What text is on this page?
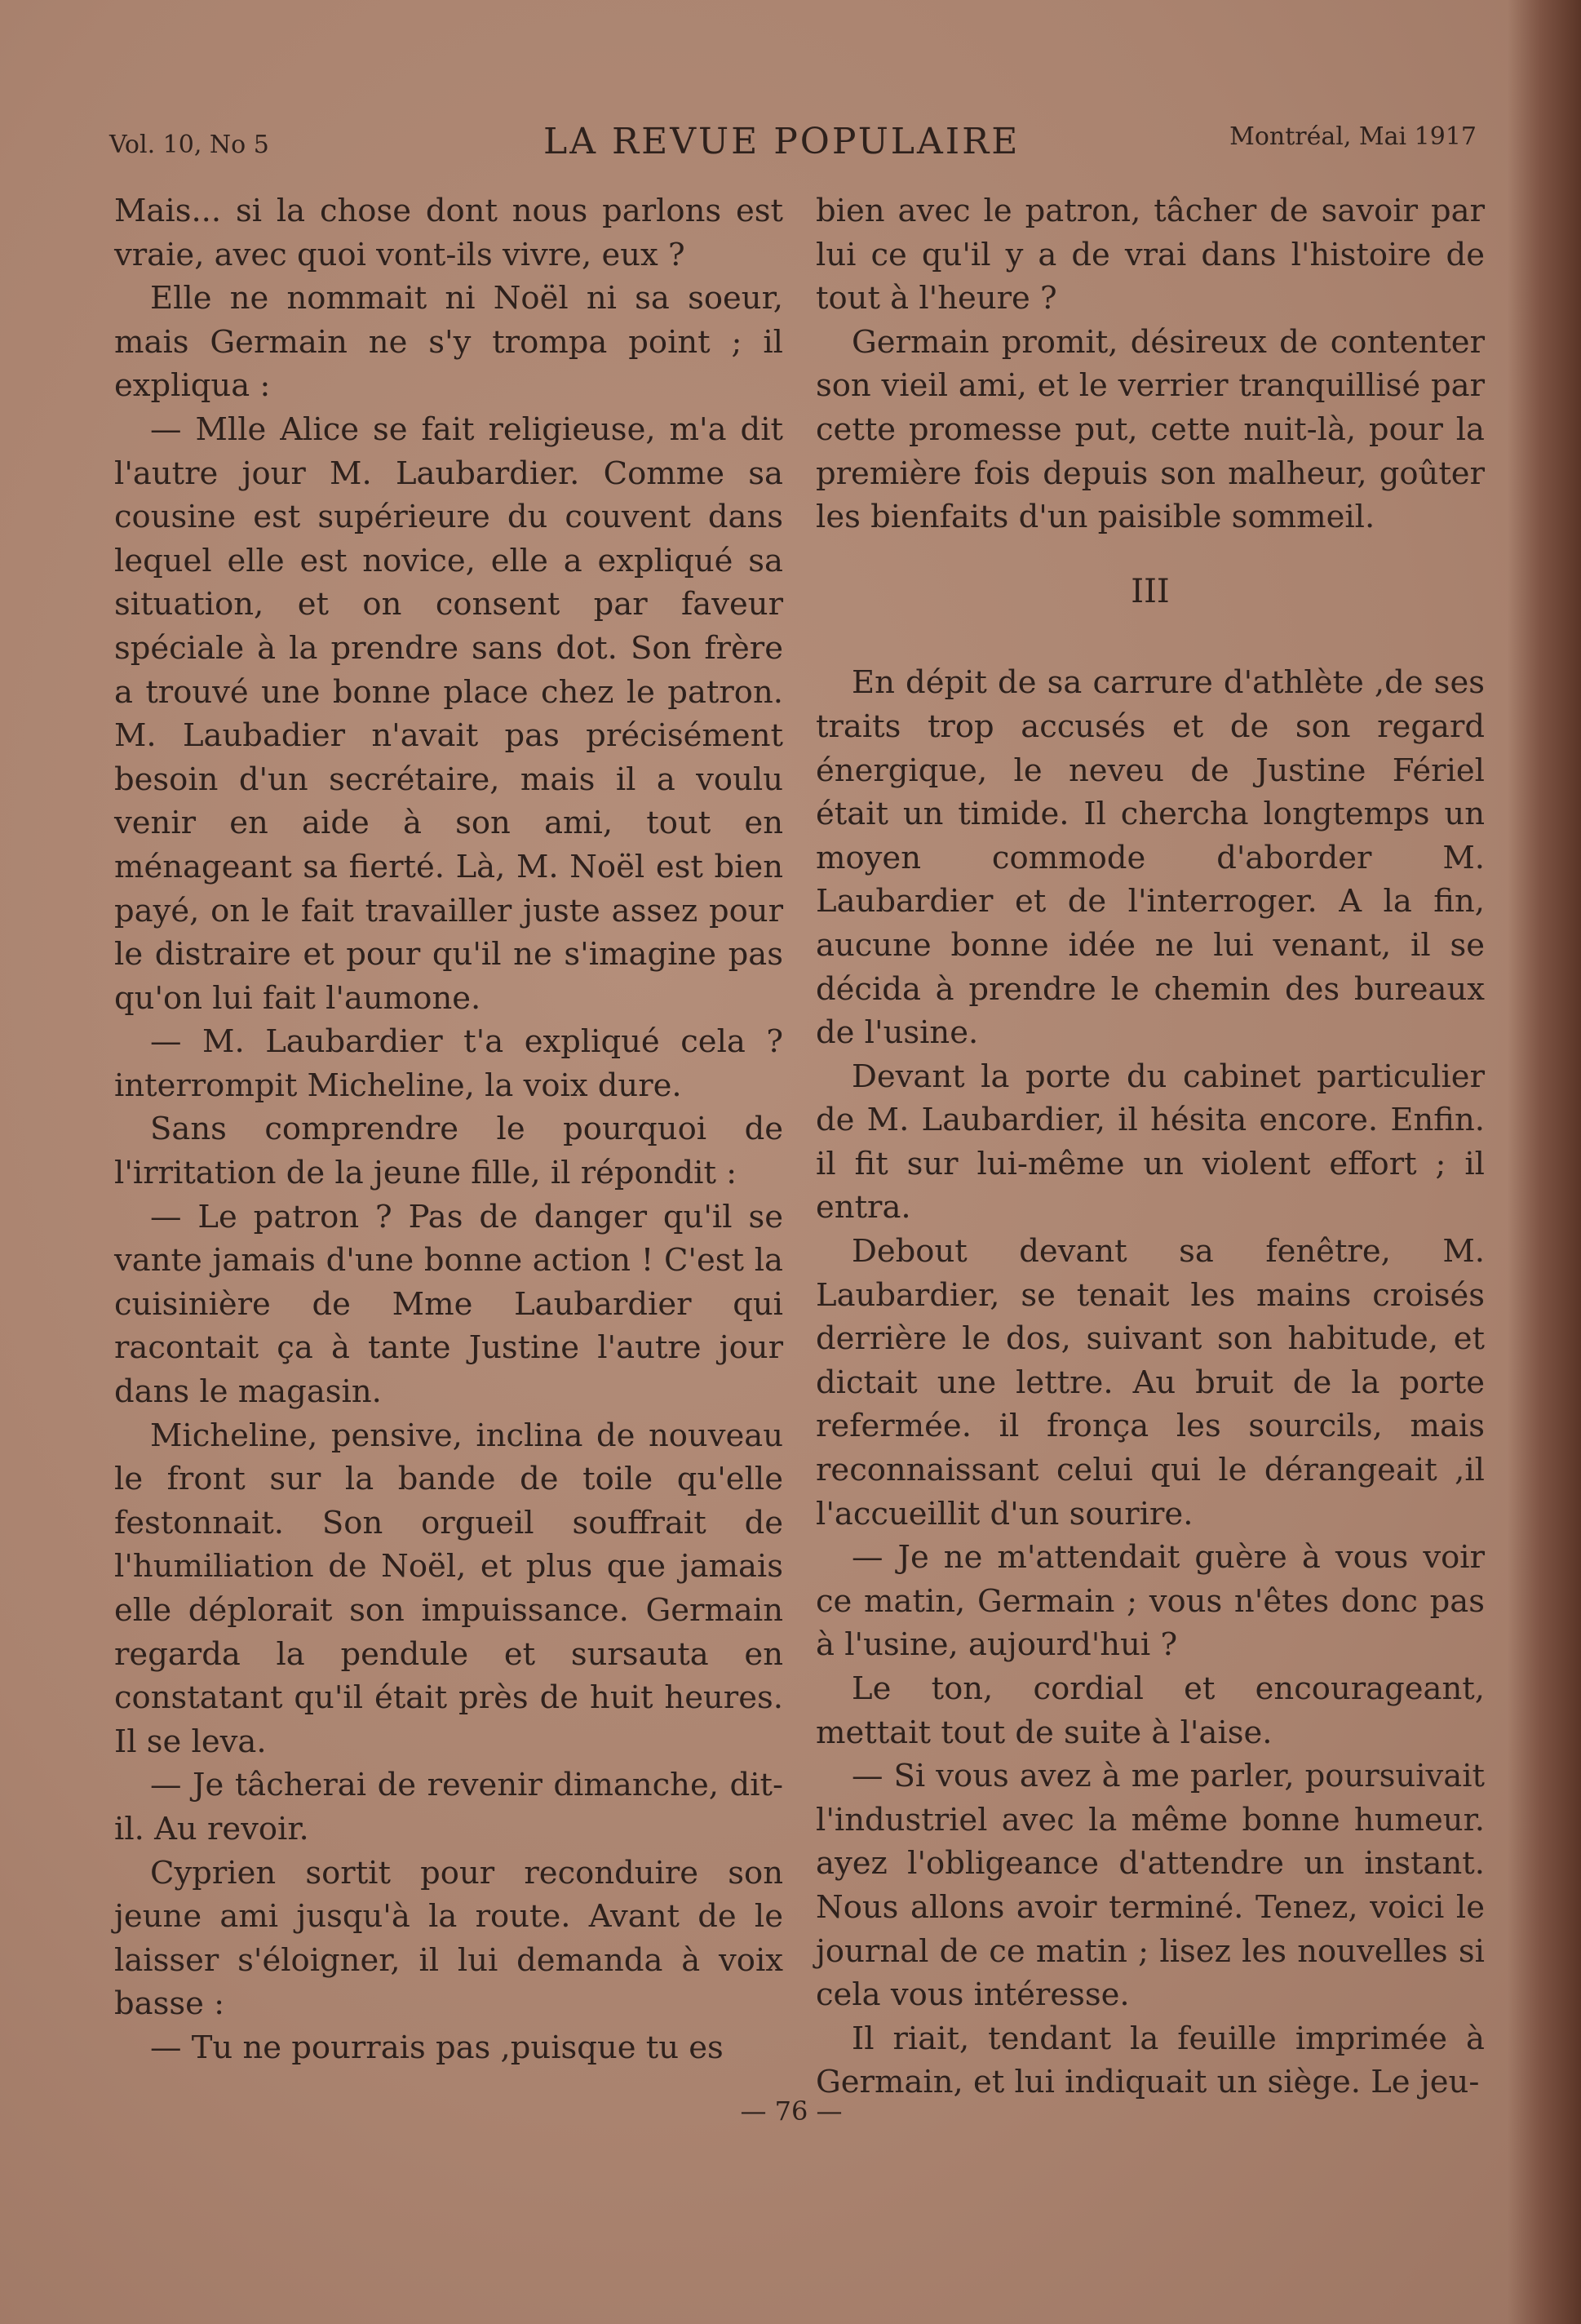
Vol. 10, No 5	LA REVUE POPULAIRE	Montréal, Mai 1917

Mais... si la chose dont nous parlons est vraie, avec quoi vont-ils vivre, eux ?

Elle ne nommait ni Noël ni sa soeur, mais Germain ne s'y trompa point ; il expliqua :

— Mlle Alice se fait religieuse, m'a dit l'autre jour M. Laubardier. Comme sa cousine est supérieure du couvent dans lequel elle est novice, elle a expliqué sa situation, et on consent par faveur spéciale à la prendre sans dot. Son frère a trouvé une bonne place chez le patron. M. Laubadier n'avait pas précisément besoin d'un secrétaire, mais il a voulu venir en aide à son ami, tout en ménageant sa fierté. Là, M. Noël est bien payé, on le fait travailler juste assez pour le distraire et pour qu'il ne s'imagine pas qu'on lui fait l'aumone.

— M. Laubardier t'a expliqué cela ? interrompit Micheline, la voix dure.

Sans comprendre le pourquoi de l'irritation de la jeune fille, il répondit :

— Le patron ? Pas de danger qu'il se vante jamais d'une bonne action ! C'est la cuisinière de Mme Laubardier qui racontait ça à tante Justine l'autre jour dans le magasin.

Micheline, pensive, inclina de nouveau le front sur la bande de toile qu'elle festonnait. Son orgueil souffrait de l'humiliation de Noël, et plus que jamais elle déplorait son impuissance. Germain regarda la pendule et sursauta en constatant qu'il était près de huit heures. Il se leva.

— Je tâcherai de revenir dimanche, dit-il. Au revoir.

Cyprien sortit pour reconduire son jeune ami jusqu'à la route. Avant de le laisser s'éloigner, il lui demanda à voix basse :

— Tu ne pourrais pas ,puisque tu es

bien avec le patron, tâcher de savoir par lui ce qu'il y a de vrai dans l'histoire de tout à l'heure ?

Germain promit, désireux de contenter son vieil ami, et le verrier tranquillisé par cette promesse put, cette nuit-là, pour la première fois depuis son malheur, goûter les bienfaits d'un paisible sommeil.

III

En dépit de sa carrure d'athlète ,de ses traits trop accusés et de son regard énergique, le neveu de Justine Fériel était un timide. Il chercha longtemps un moyen commode d'aborder M. Laubardier et de l'interroger. A la fin, aucune bonne idée ne lui venant, il se décida à prendre le chemin des bureaux de l'usine.

Devant la porte du cabinet particulier de M. Laubardier, il hésita encore. Enfin. il fit sur lui-même un violent effort ; il entra.

Debout devant sa fenêtre, M. Laubardier, se tenait les mains croisés derrière le dos, suivant son habitude, et dictait une lettre. Au bruit de la porte refermée. il fronça les sourcils, mais reconnaissant celui qui le dérangeait ,il l'accueillit d'un sourire.

— Je ne m'attendait guère à vous voir ce matin, Germain ; vous n'êtes donc pas à l'usine, aujourd'hui ?

Le ton, cordial et encourageant, mettait tout de suite à l'aise.

— Si vous avez à me parler, poursuivait l'industriel avec la même bonne humeur. ayez l'obligeance d'attendre un instant. Nous allons avoir terminé. Tenez, voici le journal de ce matin ; lisez les nouvelles si cela vous intéresse.

Il riait, tendant la feuille imprimée à Germain, et lui indiquait un siège. Le jeu-

— 76 —
